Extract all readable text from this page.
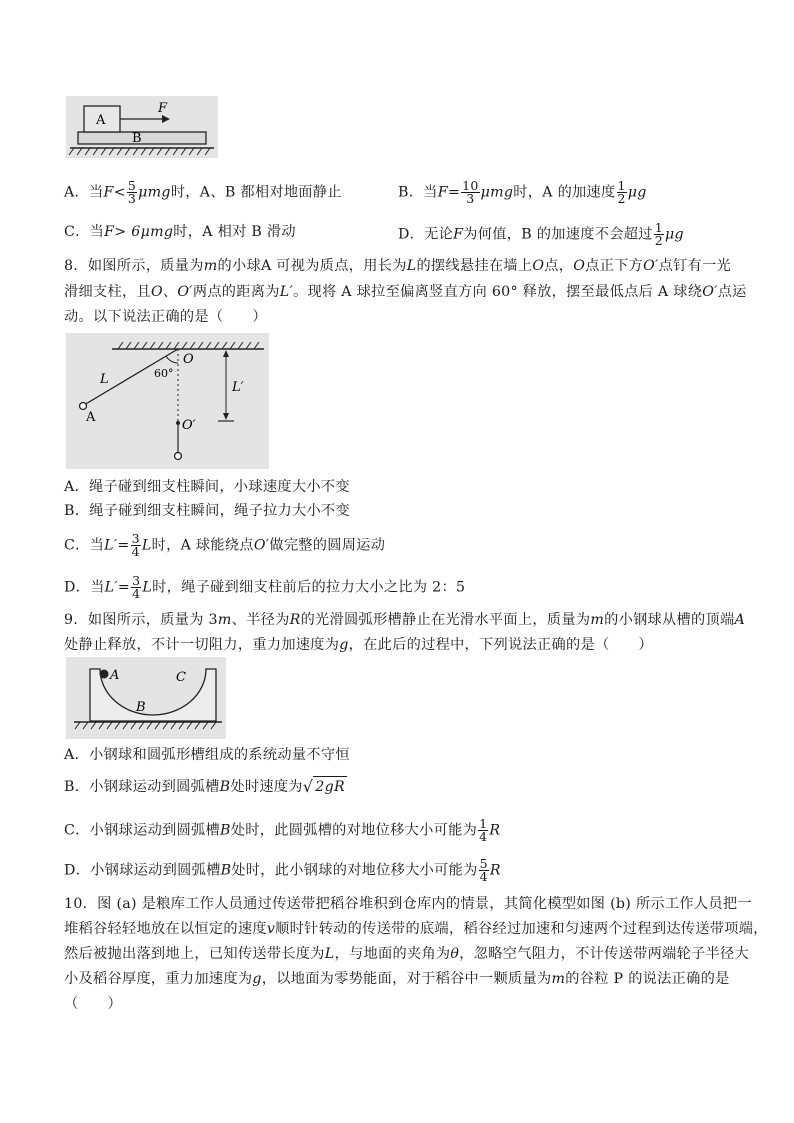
A
B
F
A．当$F< \frac{5}{3}$ μmg时，A、B 都相对地面静止	B．当$F= \frac{10}{3}$ μmg时，A 的加速度 $\frac{1}{2}$ μg
C．当F> 6μmg时，A 相对 B 滑动	D．无论F为何值，B 的加速度不会超过 $\frac{1}{2}$ μg
8．如图所示，质量为m的小球A 可视为质点，用长为L的摆线悬挂在墙上O点，O点正下方O′点钉有一光
滑细支柱，且O、O′两点的距离为L′。现将 A 球拉至偏离竖直方向 60° 释放，摆至最低点后 A 球绕O′点运
动。以下说法正确的是（　　）
O
60°
L
L′
A
O′
A．绳子碰到细支柱瞬间，小球速度大小不变
B．绳子碰到细支柱瞬间，绳子拉力大小不变
C．当$L'= \frac{3}{4}$ L时，A 球能绕点O′做完整的圆周运动
D．当$L'= \frac{3}{4}$ L时，绳子碰到细支柱前后的拉力大小之比为 2：5
9．如图所示，质量为 3m、半径为R的光滑圆弧形槽静止在光滑水平面上，质量为m的小钢球从槽的顶端A
处静止释放，不计一切阻力，重力加速度为g，在此后的过程中，下列说法正确的是（　　）
A
B
C
A．小钢球和圆弧形槽组成的系统动量不守恒
B．小钢球运动到圆弧槽B处时速度为√ 2gR
C．小钢球运动到圆弧槽B处时，此圆弧槽的对地位移大小可能为 $\frac{1}{4}$ R
D．小钢球运动到圆弧槽B处时，此小钢球的对地位移大小可能为 $\frac{5}{4}$ R
10．图 (a) 是粮库工作人员通过传送带把稻谷堆积到仓库内的情景，其简化模型如图 (b) 所示工作人员把一
堆稻谷轻轻地放在以恒定的速度v顺时针转动的传送带的底端，稻谷经过加速和匀速两个过程到达传送带项端，
然后被抛出落到地上，已知传送带长度为L，与地面的夹角为θ，忽略空气阻力，不计传送带两端轮子半径大
小及稻谷厚度，重力加速度为g，以地面为零势能面，对于稻谷中一颗质量为m的谷粒 P 的说法正确的是
（　　）
